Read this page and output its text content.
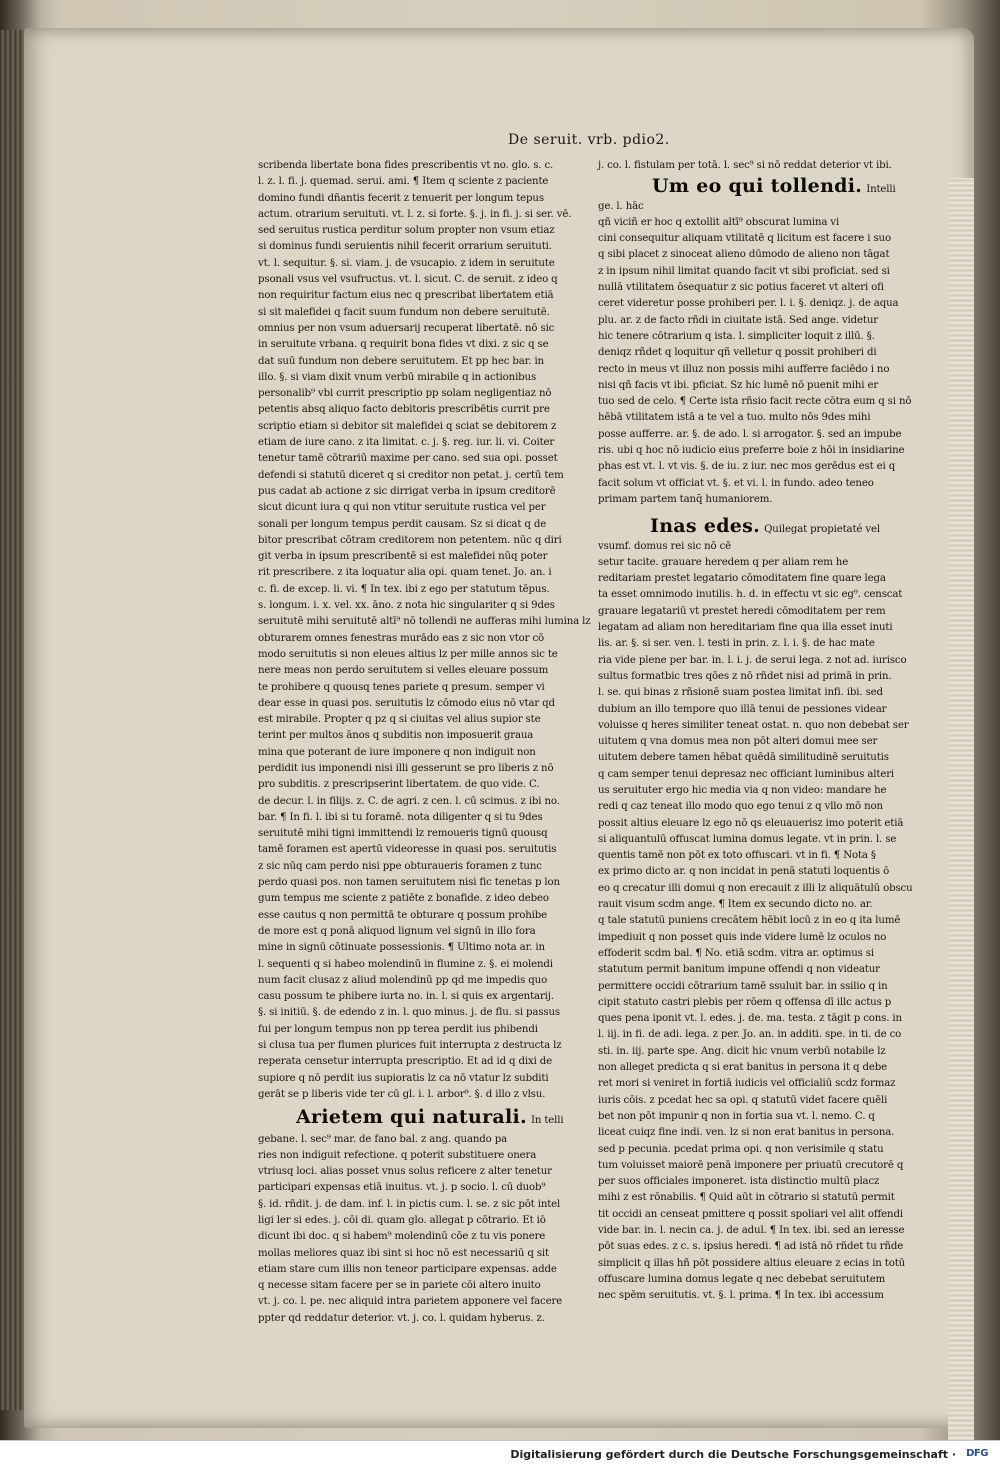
De seruit. vrb. pdio2.

scribenda libertate bona fides prescribentis vt no. glo. s. c.

l. z. l. fi. j. quemad. serui. ami. ¶ Item q sciente z paciente

domino fundi dñantis fecerit z tenuerit per longum tepus

actum. otrarium seruituti. vt. l. z. si forte. §. j. in fi. j. si ser. vē.

sed seruitus rustica perditur solum propter non vsum etiaz

si dominus fundi seruientis nihil fecerit orrarium seruituti.

vt. l. sequitur. §. si. viam. j. de vsucapio. z idem in seruitute

psonali vsus vel vsufructus. vt. l. sicut. C. de seruit. z ideo q

non requiritur factum eius nec q prescribat libertatem etiā

si sit malefidei q facit suum fundum non debere seruitutē.

omnius per non vsum aduersarij recuperat libertatē. nō sic

in seruitute vrbana. q requirit bona fides vt dixi. z sic q se

dat suū fundum non debere seruitutem. Et pp hec bar. in

illo. §. si viam dixit vnum verbū mirabile q in actionibus

personalib⁹ vbi currit prescriptio pp solam negligentiaz nō

petentis absq aliquo facto debitoris prescribētis currit pre

scriptio etiam si debitor sit malefidei q sciat se debitorem z

etiam de iure cano. z ita limitat. c. j. §. reg. iur. li. vi. Coiter

tenetur tamē cōtrariū maxime per cano. sed sua opi. posset

defendi si statutū diceret q si creditor non petat. j. certū tem

pus cadat ab actione z sic dirrigat verba in ipsum creditorē

sicut dicunt iura q qui non vtitur seruitute rustica vel per

sonali per longum tempus perdit causam. Sz si dicat q de

bitor prescribat cōtram creditorem non petentem. nūc q diri

git verba in ipsum prescribentē si est malefidei nūq poter

rit prescribere. z ita loquatur alia opi. quam tenet. Jo. an. i

c. fi. de excep. li. vi. ¶ In tex. ibi z ego per statutum tēpus.

s. longum. i. x. vel. xx. āno. z nota hic singulariter q si 9des

seruitutē mihi seruitutē altī⁹ nō tollendi ne aufferas mihi lumina lz

obturarem omnes fenestras murādo eas z sic non vtor cō

modo seruitutis si non eleues altius lz per mille annos sic te

nere meas non perdo seruitutem si velles eleuare possum

te prohibere q quousq tenes pariete q presum. semper vi

dear esse in quasi pos. seruitutis lz cōmodo eius nō vtar qd

est mirabile. Propter q pz q si ciuitas vel alius supior ste

terint per multos ānos q subditis non imposuerit graua

mina que poterant de iure imponere q non indiguit non

perdidit ius imponendi nisi illi gesserunt se pro liberis z nō

pro subditis. z prescripserint libertatem. de quo vide. C.

de decur. l. in filijs. z. C. de agri. z cen. l. cū scimus. z ibi no.

bar. ¶ In fi. l. ibi si tu foramē. nota diligenter q si tu 9des

seruitutē mihi tigni immittendi lz remoueris tignū quousq

tamē foramen est apertū videoresse in quasi pos. seruitutis

z sic nūq cam perdo nisi ppe obturaueris foramen z tunc

perdo quasi pos. non tamen seruitutem nisi fic tenetas p lon

gum tempus me sciente z patiēte z bonafide. z ideo debeo

esse cautus q non permittā te obturare q possum prohibe

de more est q ponā aliquod lignum vel signū in illo fora

mine in signū cōtinuate possessionis. ¶ Ultimo nota ar. in

l. sequenti q si habeo molendinū in flumine z. §. ei molendi

num facit clusaz z aliud molendinū pp qd me impedis quo

casu possum te phibere iurta no. in. l. si quis ex argentarij.

§. si initiū. §. de edendo z in. l. quo minus. j. de flu. si passus

fui per longum tempus non pp terea perdit ius phibendi

si clusa tua per flumen plurices fuit interrupta z destructa lz

reperata censetur interrupta prescriptio. Et ad id q dixi de

supiore q nō perdit ius supioratis lz ca nō vtatur lz subditi

gerāt se p liberis vide ter cū gl. i. l. arbor⁹. §. d illo z vlsu.

Arietem qui naturali. In telli

gebane. l. sec⁹ mar. de fano bal. z ang. quando pa

ries non indiguit refectione. q poterit substituere onera

vtriusq loci. alias posset vnus solus reficere z alter tenetur

participari expensas etiā inuitus. vt. j. p socio. l. cū duob⁹

§. id. rñdit. j. de dam. inf. l. in pictis cum. l. se. z sic pōt intel

ligi ler si edes. j. cōi di. quam glo. allegat p cōtrario. Et iō

dicunt ibi doc. q si habem⁹ molendinū cōe z tu vis ponere

mollas meliores quaz ibi sint si hoc nō est necessariū q sit

etiam stare cum illis non teneor participare expensas. adde

q necesse sitam facere per se in pariete cōi altero inuito

vt. j. co. l. pe. nec aliquid intra parietem apponere vel facere

ppter qd reddatur deterior. vt. j. co. l. quidam hyberus. z.

j. co. l. fistulam per totā. l. sec⁹ si nō reddat deterior vt ibi.

Um eo qui tollendi. Intelli

ge. l. hāc

qñ viciñ er hoc q extollit altī⁹ obscurat lumina vi

cini consequitur aliquam vtilitatē q licitum est facere i suo

q sibi placet z sinoceat alieno dūmodo de alieno non tāgat

z in ipsum nihil limitat quando facit vt sibi proficiat. sed si

nullā vtilitatem ōsequatur z sic potius faceret vt alteri ofi

ceret videretur posse prohiberi per. l. i. §. deniqz. j. de aqua

plu. ar. z de facto rñdi in ciuitate istā. Sed ange. videtur

hic tenere cōtrarium q ista. l. simpliciter loquit z illū. §.

deniqz rñdet q loquitur qñ velletur q possit prohiberi di

recto in meus vt illuz non possis mihi aufferre faciēdo i no

nisi qñ facis vt ibi. pficiat. Sz hic lumē nō puenit mihi er

tuo sed de celo. ¶ Certe ista rñsio facit recte cōtra eum q si nō

hēbā vtilitatem istā a te vel a tuo. multo nōs 9des mihi

posse aufferre. ar. §. de ado. l. si arrogator. §. sed an impube

ris. ubi q hoc nō iudicio eius preferre boie z hōi in insidiarine

phas est vt. l. vt vis. §. de iu. z iur. nec mos gerēdus est ei q

facit solum vt officiat vt. §. et vi. l. in fundo. adeo teneo

primam partem tanq̄ humaniorem.

Inas edes. Quilegat propietaté vel

vsumf. domus rei sic nō cē

setur tacite. grauare heredem q per aliam rem he

reditariam prestet legatario cōmoditatem fine quare lega

ta esset omnimodo inutilis. h. d. in effectu vt sic eg⁹. censcat

grauare legatariū vt prestet heredi cōmoditatem per rem

legatam ad aliam non hereditariam fine qua illa esset inuti

lis. ar. §. si ser. ven. l. testi in prin. z. l. i. §. de hac mate

ria vide plene per bar. in. l. i. j. de serui lega. z not ad. iurisco

sultus formatbic tres qōes z nō rñdet nisi ad primā in prin.

l. se. qui binas z rñsionē suam postea limitat infi. ibi. sed

dubium an illo tempore quo illā tenui de pessiones videar

voluisse q heres similiter teneat ostat. n. quo non debebat ser

uitutem q vna domus mea non pōt alteri domui mee ser

uitutem debere tamen hēbat quēdā similitudinē seruitutis

q cam semper tenui depresaz nec officiant luminibus alteri

us seruituter ergo hic media via q non video: mandare he

redi q caz teneat illo modo quo ego tenui z q vllo mō non

possit altius eleuare lz ego nō qs eleuauerisz imo poterit etiā

si aliquantulū offuscat lumina domus legate. vt in prin. l. se

quentis tamē non pōt ex toto offuscari. vt in fi. ¶ Nota §

ex primo dicto ar. q non incidat in penā statuti loquentis ō

eo q crecatur illi domui q non erecauit z illi lz aliquātulū obscu

rauit visum scdm ange. ¶ Item ex secundo dicto no. ar.

q tale statutū puniens crecātem hēbit locū z in eo q ita lumē

impediuit q non posset quis inde videre lumē lz oculos no

effoderit scdm bal. ¶ No. etiā scdm. vitra ar. optimus si

statutum permit banitum impune offendi q non videatur

permittere occidi cōtrarium tamē ssuluit bar. in ssilio q in

cipit statuto castri plebis per rōem q offensa dī illc actus p

ques pena iponit vt. l. edes. j. de. ma. testa. z tāgit p cons. in

l. iij. in fi. de adi. lega. z per. Jo. an. in additi. spe. in ti. de co

sti. in. iij. parte spe. Ang. dicit hic vnum verbū notabile lz

non alleget predicta q si erat banitus in persona it q debe

ret mori si veniret in fortiā iudicis vel officialiū scdz formaz

iuris cōis. z pcedat hec sa opi. q statutū videt facere quēli

bet non pōt impunir q non in fortia sua vt. l. nemo. C. q

liceat cuiqz fine indi. ven. lz si non erat banitus in persona.

sed p pecunia. pcedat prima opi. q non verisimile q statu

tum voluisset maiorē penā imponere per priuatū crecutorē q

per suos officiales imponeret. ista distinctio multū placz

mihi z est rōnabilis. ¶ Quid aūt in cōtrario si statutū permit

tit occidi an censeat pmittere q possit spoliari vel alit offendi

vide bar. in. l. necin ca. j. de adul. ¶ In tex. ibi. sed an ieresse

pōt suas edes. z c. s. ipsius heredi. ¶ ad istā nō rñdet tu rñde

simplicit q illas hñ pōt possidere altius eleuare z ecias in totū

offuscare lumina domus legate q nec debebat seruitutem

nec spēm seruitutis. vt. §. l. prima. ¶ In tex. ibi accessum

Digitalisierung gefördert durch die Deutsche Forschungsgemeinschaft · DFG
